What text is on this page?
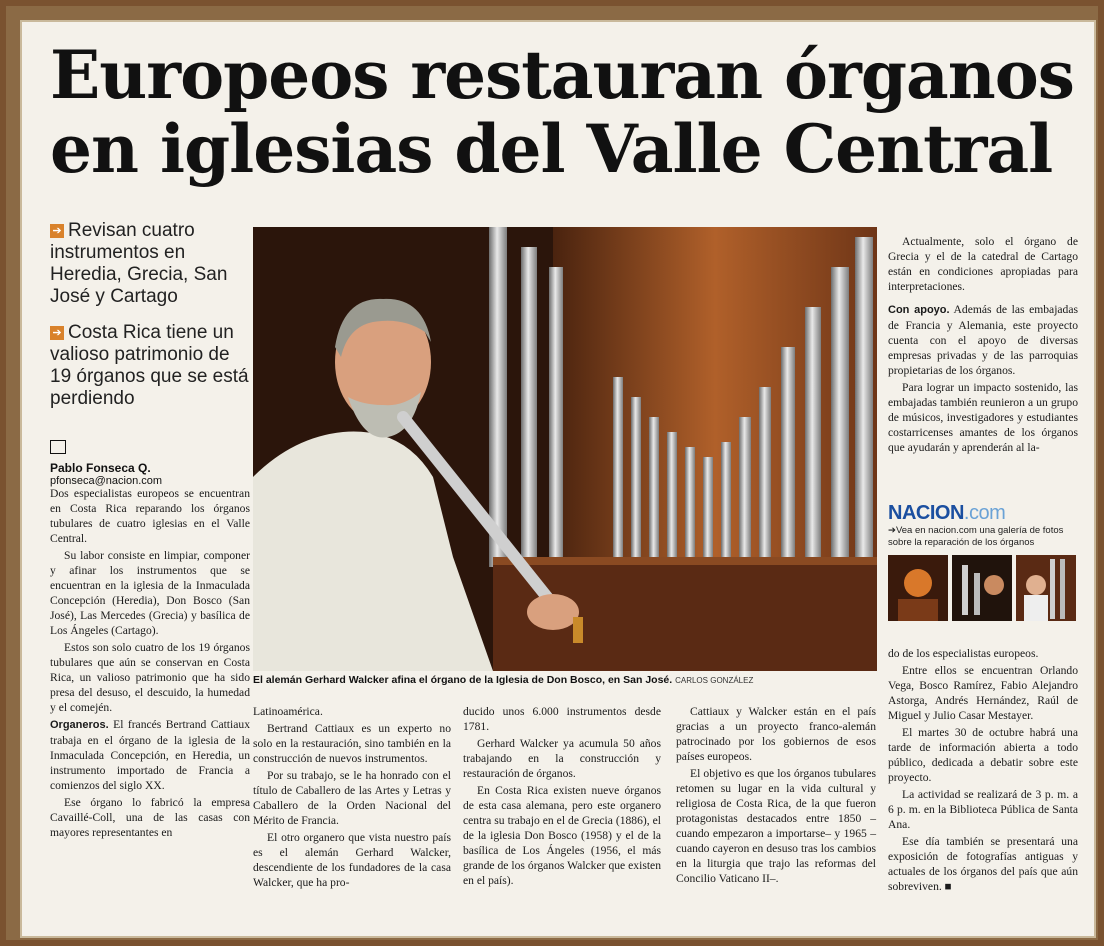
Europeos restauran órganos en iglesias del Valle Central
➔ Revisan cuatro instrumentos en Heredia, Grecia, San José y Cartago
➔ Costa Rica tiene un valioso patrimonio de 19 órganos que se está perdiendo
Pablo Fonseca Q.
pfonseca@nacion.com

Dos especialistas europeos se encuentran en Costa Rica reparando los órganos tubulares de cuatro iglesias en el Valle Central.

Su labor consiste en limpiar, componer y afinar los instrumentos que se encuentran en la iglesia de la Inmaculada Concepción (Heredia), Don Bosco (San José), Las Mercedes (Grecia) y basílica de Los Ángeles (Cartago).

Estos son solo cuatro de los 19 órganos tubulares que aún se conservan en Costa Rica, un valioso patrimonio que ha sido presa del desuso, el descuido, la humedad y el comején.

Organeros. El francés Bertrand Cattiaux trabaja en el órgano de la iglesia de la Inmaculada Concepción, en Heredia, un instrumento importado de Francia a comienzos del siglo XX.

Ese órgano lo fabricó la empresa Cavaillé-Coll, una de las casas con mayores representantes en

El alemán Gerhard Walcker afina el órgano de la Iglesia de Don Bosco, en San José. CARLOS GONZÁLEZ

Latinoamérica.

Bertrand Cattiaux es un experto no solo en la restauración, sino también en la construcción de nuevos instrumentos.

Por su trabajo, se le ha honrado con el título de Caballero de las Artes y Letras y Caballero de la Orden Nacional del Mérito de Francia.

El otro organero que vista nuestro país es el alemán Gerhard Walcker, descendiente de los fundadores de la casa Walcker, que ha pro-

ducido unos 6.000 instrumentos desde 1781.

Gerhard Walcker ya acumula 50 años trabajando en la construcción y restauración de órganos.

En Costa Rica existen nueve órganos de esta casa alemana, pero este organero centra su trabajo en el de Grecia (1886), el de la iglesia Don Bosco (1958) y el de la basílica de Los Ángeles (1956, el más grande de los órganos Walcker que existen en el país).

Cattiaux y Walcker están en el país gracias a un proyecto franco-alemán patrocinado por los gobiernos de esos países europeos.

El objetivo es que los órganos tubulares retomen su lugar en la vida cultural y religiosa de Costa Rica, de la que fueron protagonistas destacados entre 1850 –cuando empezaron a importarse– y 1965 –cuando cayeron en desuso tras los cambios en la liturgia que trajo las reformas del Concilio Vaticano II–.

Actualmente, solo el órgano de Grecia y el de la catedral de Cartago están en condiciones apropiadas para interpretaciones.

Con apoyo. Además de las embajadas de Francia y Alemania, este proyecto cuenta con el apoyo de diversas empresas privadas y de las parroquias propietarias de los órganos.

Para lograr un impacto sostenido, las embajadas también reunieron a un grupo de músicos, investigadores y estudiantes costarricenses amantes de los órganos que ayudarán y aprenderán al la-

NACION.com
➔Vea en nacion.com una galería de fotos sobre la reparación de los órganos

do de los especialistas europeos.

Entre ellos se encuentran Orlando Vega, Bosco Ramírez, Fabio Alejandro Astorga, Andrés Hernández, Raúl de Miguel y Julio Casar Mestayer.

El martes 30 de octubre habrá una tarde de información abierta a todo público, dedicada a debatir sobre este proyecto.

La actividad se realizará de 3 p. m. a 6 p. m. en la Biblioteca Pública de Santa Ana.

Ese día también se presentará una exposición de fotografías antiguas y actuales de los órganos del país que aún sobreviven. ■
